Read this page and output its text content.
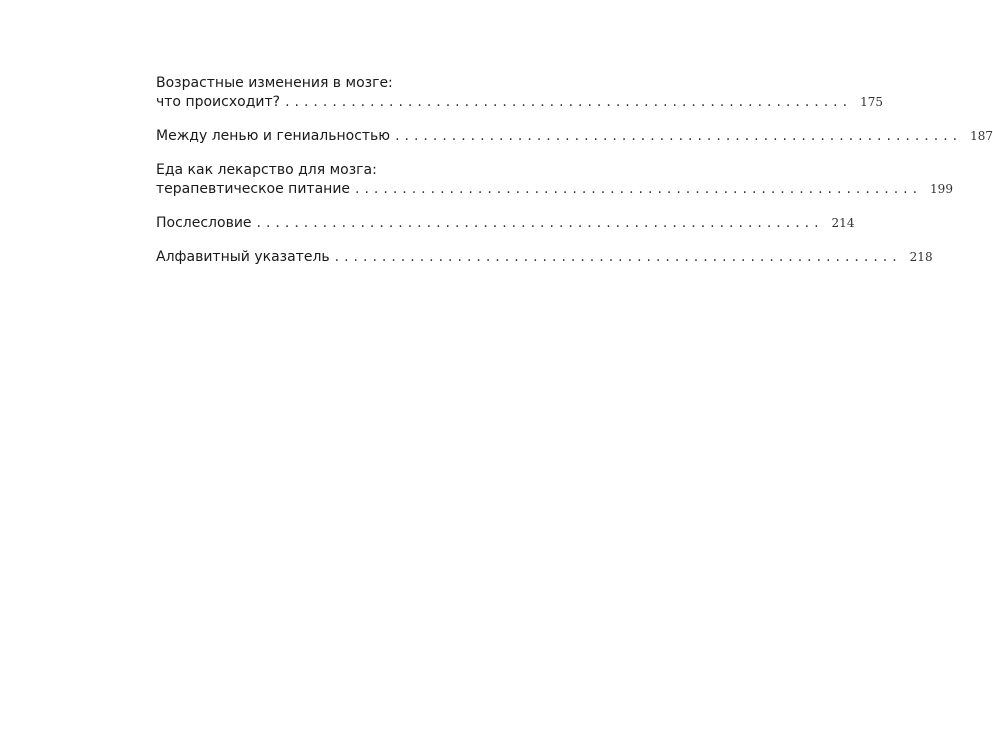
Возрастные изменения в мозге:
что происходит? ............................................................ 175
Между ленью и гениальностью ............................................................ 187
Еда как лекарство для мозга:
терапевтическое питание ............................................................ 199
Послесловие ............................................................ 214
Алфавитный указатель ............................................................ 218
